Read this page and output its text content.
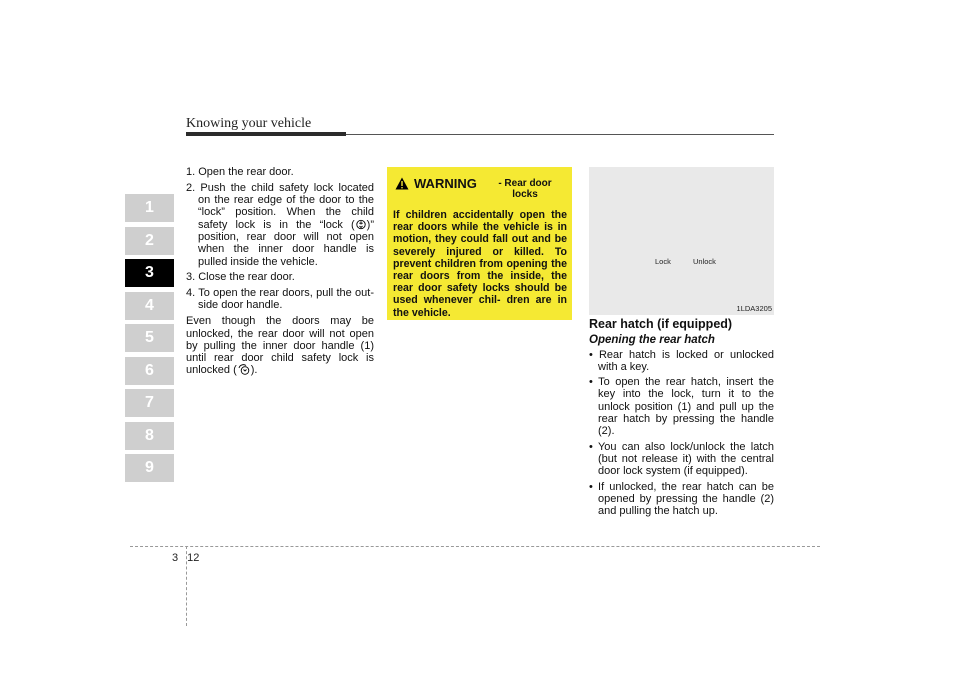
Knowing your vehicle
1
2
3
4
5
6
7
8
9

1. Open the rear door.

2. Push the child safety lock located on the rear edge of the door to the “lock” position. When the child safety lock is in the “lock ( )” position, rear door will not open when the inner door handle is pulled inside the vehicle.

3. Close the rear door.

4. To open the rear doors, pull the out- side door handle.

Even though the doors may be unlocked, the rear door will not open by pulling the inner door handle (1) until rear door child safety lock is unlocked ( ).

WARNING	- Rear door locks
If children accidentally open the rear doors while the vehicle is in motion, they could fall out and be severely injured or killed. To prevent children from opening the rear doors from the inside, the rear door safety locks should be used whenever chil- dren are in the vehicle.
Lock	Unlock
1LDA3205
Rear hatch (if equipped)
Opening the rear hatch

• Rear hatch is locked or unlocked with a key.

• To open the rear hatch, insert the key into the lock, turn it to the unlock position (1) and pull up the rear hatch by pressing the handle (2).

• You can also lock/unlock the latch (but not release it) with the central door lock system (if equipped).

• If unlocked, the rear hatch can be opened by pressing the handle (2) and pulling the hatch up.

3 12
